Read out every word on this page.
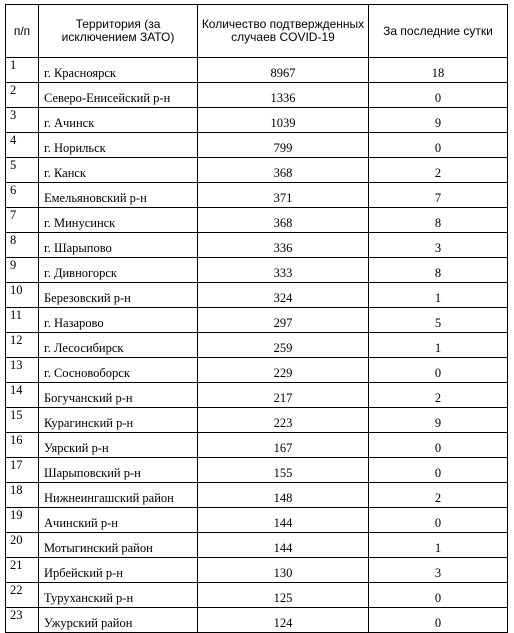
п/п	Территория (за исключением ЗАТО)	Количество подтвержденных случаев COVID-19	За последние сутки
1	г. Красноярск	8967	18
2	Северо-Енисейский р-н	1336	0
3	г. Ачинск	1039	9
4	г. Норильск	799	0
5	г. Канск	368	2
6	Емельяновский р-н	371	7
7	г. Минусинск	368	8
8	г. Шарыпово	336	3
9	г. Дивногорск	333	8
10	Березовский р-н	324	1
11	г. Назарово	297	5
12	г. Лесосибирск	259	1
13	г. Сосновоборск	229	0
14	Богучанский р-н	217	2
15	Курагинский р-н	223	9
16	Уярский р-н	167	0
17	Шарыповский р-н	155	0
18	Нижнеингашский район	148	2
19	Ачинский р-н	144	0
20	Мотыгинский район	144	1
21	Ирбейский р-н	130	3
22	Туруханский р-н	125	0
23	Ужурский район	124	0
